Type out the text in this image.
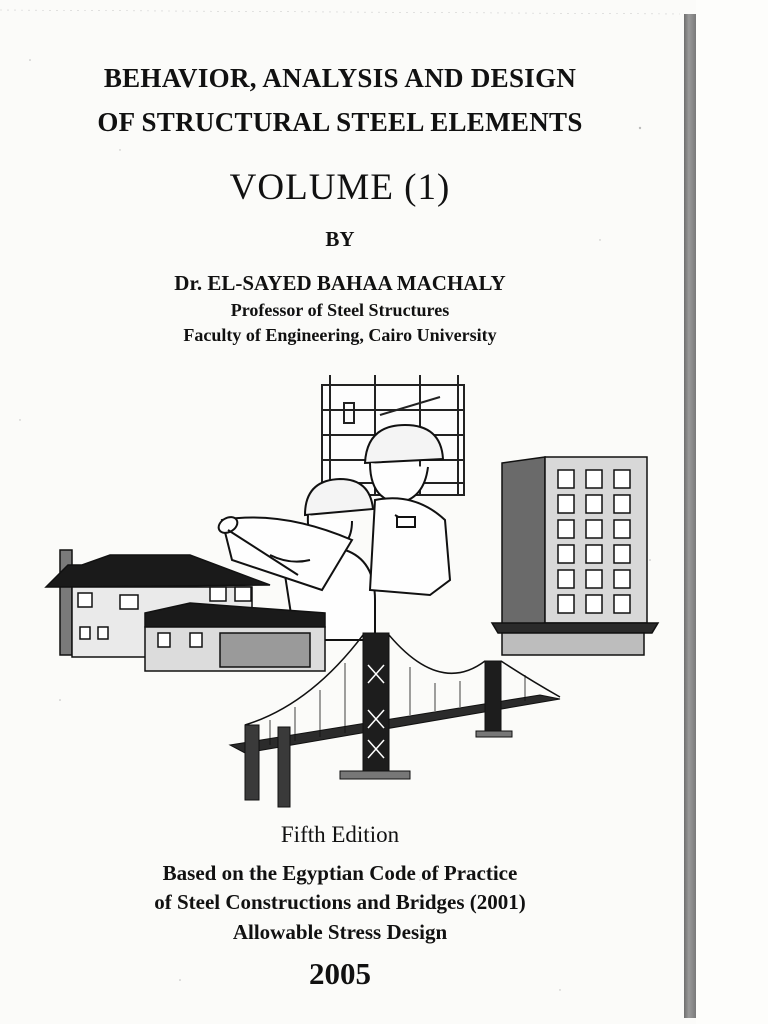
BEHAVIOR, ANALYSIS AND DESIGN
OF STRUCTURAL STEEL ELEMENTS
VOLUME (1)
BY
Dr. EL-SAYED BAHAA MACHALY
Professor of Steel Structures
Faculty of Engineering, Cairo University
Fifth Edition
Based on the Egyptian Code of Practice
of Steel Constructions and Bridges (2001)
Allowable Stress Design
2005
